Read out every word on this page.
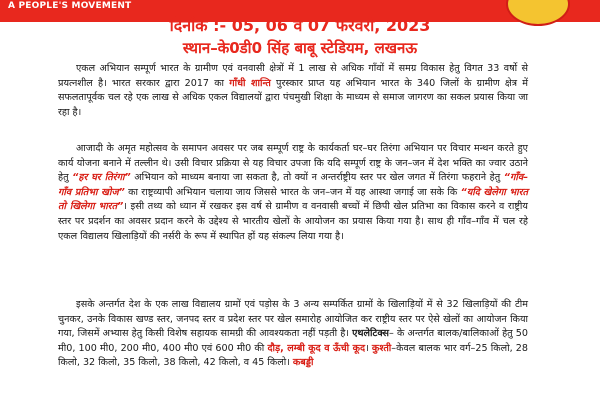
A PEOPLE'S MOVEMENT
दिनाँक :- 05, 06 व 07 फरवरी, 2023
स्थान–के0डी0 सिंह बाबू स्टेडियम, लखनऊ
एकल अभियान सम्पूर्ण भारत के ग्रामीण एवं वनवासी क्षेत्रों में 1 लाख से अधिक गाँवों में समग्र विकास हेतु विगत 33 वर्षो से प्रयत्नशील है। भारत सरकार द्वारा 2017 का गाँधी शान्ति पुरस्कार प्राप्त यह अभियान भारत के 340 जिलों के ग्रामीण क्षेत्र में सफलतापूर्वक चल रहे एक लाख से अधिक एकल विद्यालयों द्वारा पंचमुखी शिक्षा के माध्यम से समाज जागरण का सकल प्रयास किया जा रहा है।
आजादी के अमृत महोत्सव के समापन अवसर पर जब सम्पूर्ण राष्ट्र के कार्यकर्ता घर–घर तिरंगा अभियान पर विचार मन्थन करते हुए कार्य योजना बनाने में तल्लीन थे। उसी विचार प्रक्रिया से यह विचार उपजा कि यदि सम्पूर्ण राष्ट्र के जन–जन में देश भक्ति का ज्वार उठाने हेतु “हर घर तिरंगा” अभियान को माध्यम बनाया जा सकता है, तो क्यों न अन्तर्राष्ट्रीय स्तर पर खेल जगत में तिरंगा फहराने हेतु “गाँव–गाँव प्रतिभा खोज” का राष्ट्रव्यापी अभियान चलाया जाय जिससे भारत के जन–जन में यह आस्था जगाई जा सके कि “यदि खेलेगा भारत तो खिलेगा भारत”। इसी तथ्य को ध्यान में रखकर इस वर्ष से ग्रामीण व वनवासी बच्चों में छिपी खेल प्रतिभा का विकास करने व राष्ट्रीय स्तर पर प्रदर्शन का अवसर प्रदान करने के उद्देश्य से भारतीय खेलों के आयोजन का प्रयास किया गया है। साथ ही गाँव–गाँव में चल रहे एकल विद्यालय खिलाड़ियों की नर्सरी के रूप में स्थापित हों यह संकल्प लिया गया है।
इसके अन्तर्गत देश के एक लाख विद्यालय ग्रामों एवं पड़ोस के 3 अन्य सम्पर्कित ग्रामों के खिलाड़ियों में से 32 खिलाड़ियों की टीम चुनकर, उनके विकास खण्ड स्तर, जनपद स्तर व प्रदेश स्तर पर खेल समारोह आयोजित कर राष्ट्रीय स्तर पर ऐसे खेलों का आयोजन किया गया, जिसमें अभ्यास हेतु किसी विशेष सहायक सामग्री की आवश्यकता नहीं पड़ती है। एथलेटिक्स– के अन्तर्गत बालक/बालिकाओं हेतु 50 मी0, 100 मी0, 200 मी0, 400 मी0 एवं 600 मी0 की दौड़, लम्बी कूद व ऊँची कूद। कुश्ती–केवल बालक भार वर्ग–25 किलो, 28 किलो, 32 किलो, 35 किलो, 38 किलो, 42 किलो, व 45 किलो। कबड्डी
